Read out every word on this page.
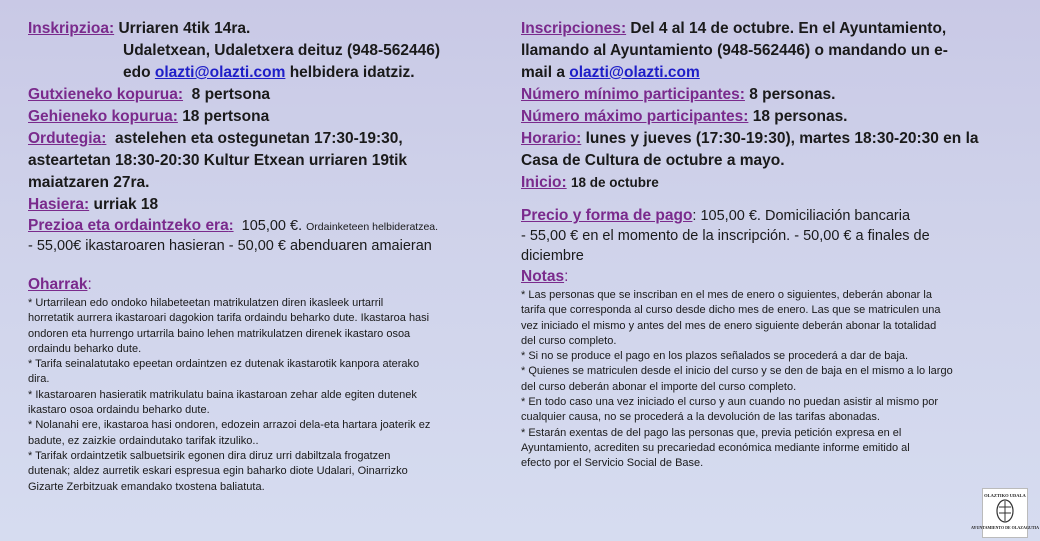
Inskripzioa: Urriaren 4tik 14ra.
Udaletxean, Udaletxera deituz (948-562446)
edo olazti@olazti.com helbidera idatziz.
Gutxieneko kopurua: 8 pertsona
Gehieneko kopurua: 18 pertsona
Ordutegia: astelehen eta ostegunetan 17:30-19:30,
asteartetan 18:30-20:30 Kultur Etxean urriaren 19tik
maiatzaren 27ra.
Hasiera: urriak 18
Prezioa eta ordaintzeko era: 105,00 €. Ordainketeen helbideratzea.
- 55,00€ ikastaroaren hasieran - 50,00 € abenduaren amaieran
Oharrak:
* Urtarrilean edo ondoko hilabeteetan matrikulatzen diren ikasleek urtarril
horretatik aurrera ikastaroari dagokion tarifa ordaindu beharko dute. Ikastaroa hasi
ondoren eta hurrengo urtarrila baino lehen matrikulatzen direnek ikastaro osoa
ordaindu beharko dute.
* Tarifa seinalatutako epeetan ordaintzen ez dutenak ikastarotik kanpora aterako
dira.
* Ikastaroaren hasieratik matrikulatu baina ikastaroan zehar alde egiten dutenek
ikastaro osoa ordaindu beharko dute.
* Nolanahi ere, ikastaroa hasi ondoren, edozein arrazoi dela-eta hartara joaterik ez
badute, ez zaizkie ordaindutako tarifak itzuliko..
* Tarifak ordaintzetik salbuetsirik egonen dira diruz urri dabiltzala frogatzen
dutenak; aldez aurretik eskari espresua egin baharko diote Udalari, Oinarrizko
Gizarte Zerbitzuak emandako txostena baliatuta.
Inscripciones: Del 4 al 14 de octubre. En el Ayuntamiento,
llamando al Ayuntamiento (948-562446) o mandando un e-
mail a olazti@olazti.com
Número mínimo participantes: 8 personas.
Número máximo participantes: 18 personas.
Horario: lunes y jueves (17:30-19:30), martes 18:30-20:30 en la
Casa de Cultura de octubre a mayo.
Inicio: 18 de octubre
Precio y forma de pago: 105,00 €. Domiciliación bancaria
- 55,00 € en el momento de la inscripción. - 50,00 € a finales de
diciembre
Notas:
* Las personas que se inscriban en el mes de enero o siguientes, deberán abonar la
tarifa que corresponda al curso desde dicho mes de enero. Las que se matriculen una
vez iniciado el mismo y antes del mes de enero siguiente deberán abonar la totalidad
del curso completo.
* Si no se produce el pago en los plazos señalados se procederá a dar de baja.
* Quienes se matriculen desde el inicio del curso y se den de baja en el mismo a lo largo
del curso deberán abonar el importe del curso completo.
* En todo caso una vez iniciado el curso y aun cuando no puedan asistir al mismo por
cualquier causa, no se procederá a la devolución de las tarifas abonadas.
* Estarán exentas de del pago las personas que, previa petición expresa en el
Ayuntamiento, acrediten su precariedad económica mediante informe emitido al
efecto por el Servicio Social de Base.
OLAZTIKO UDALA
AYUNTAMIENTO DE OLAZAGUTIA
